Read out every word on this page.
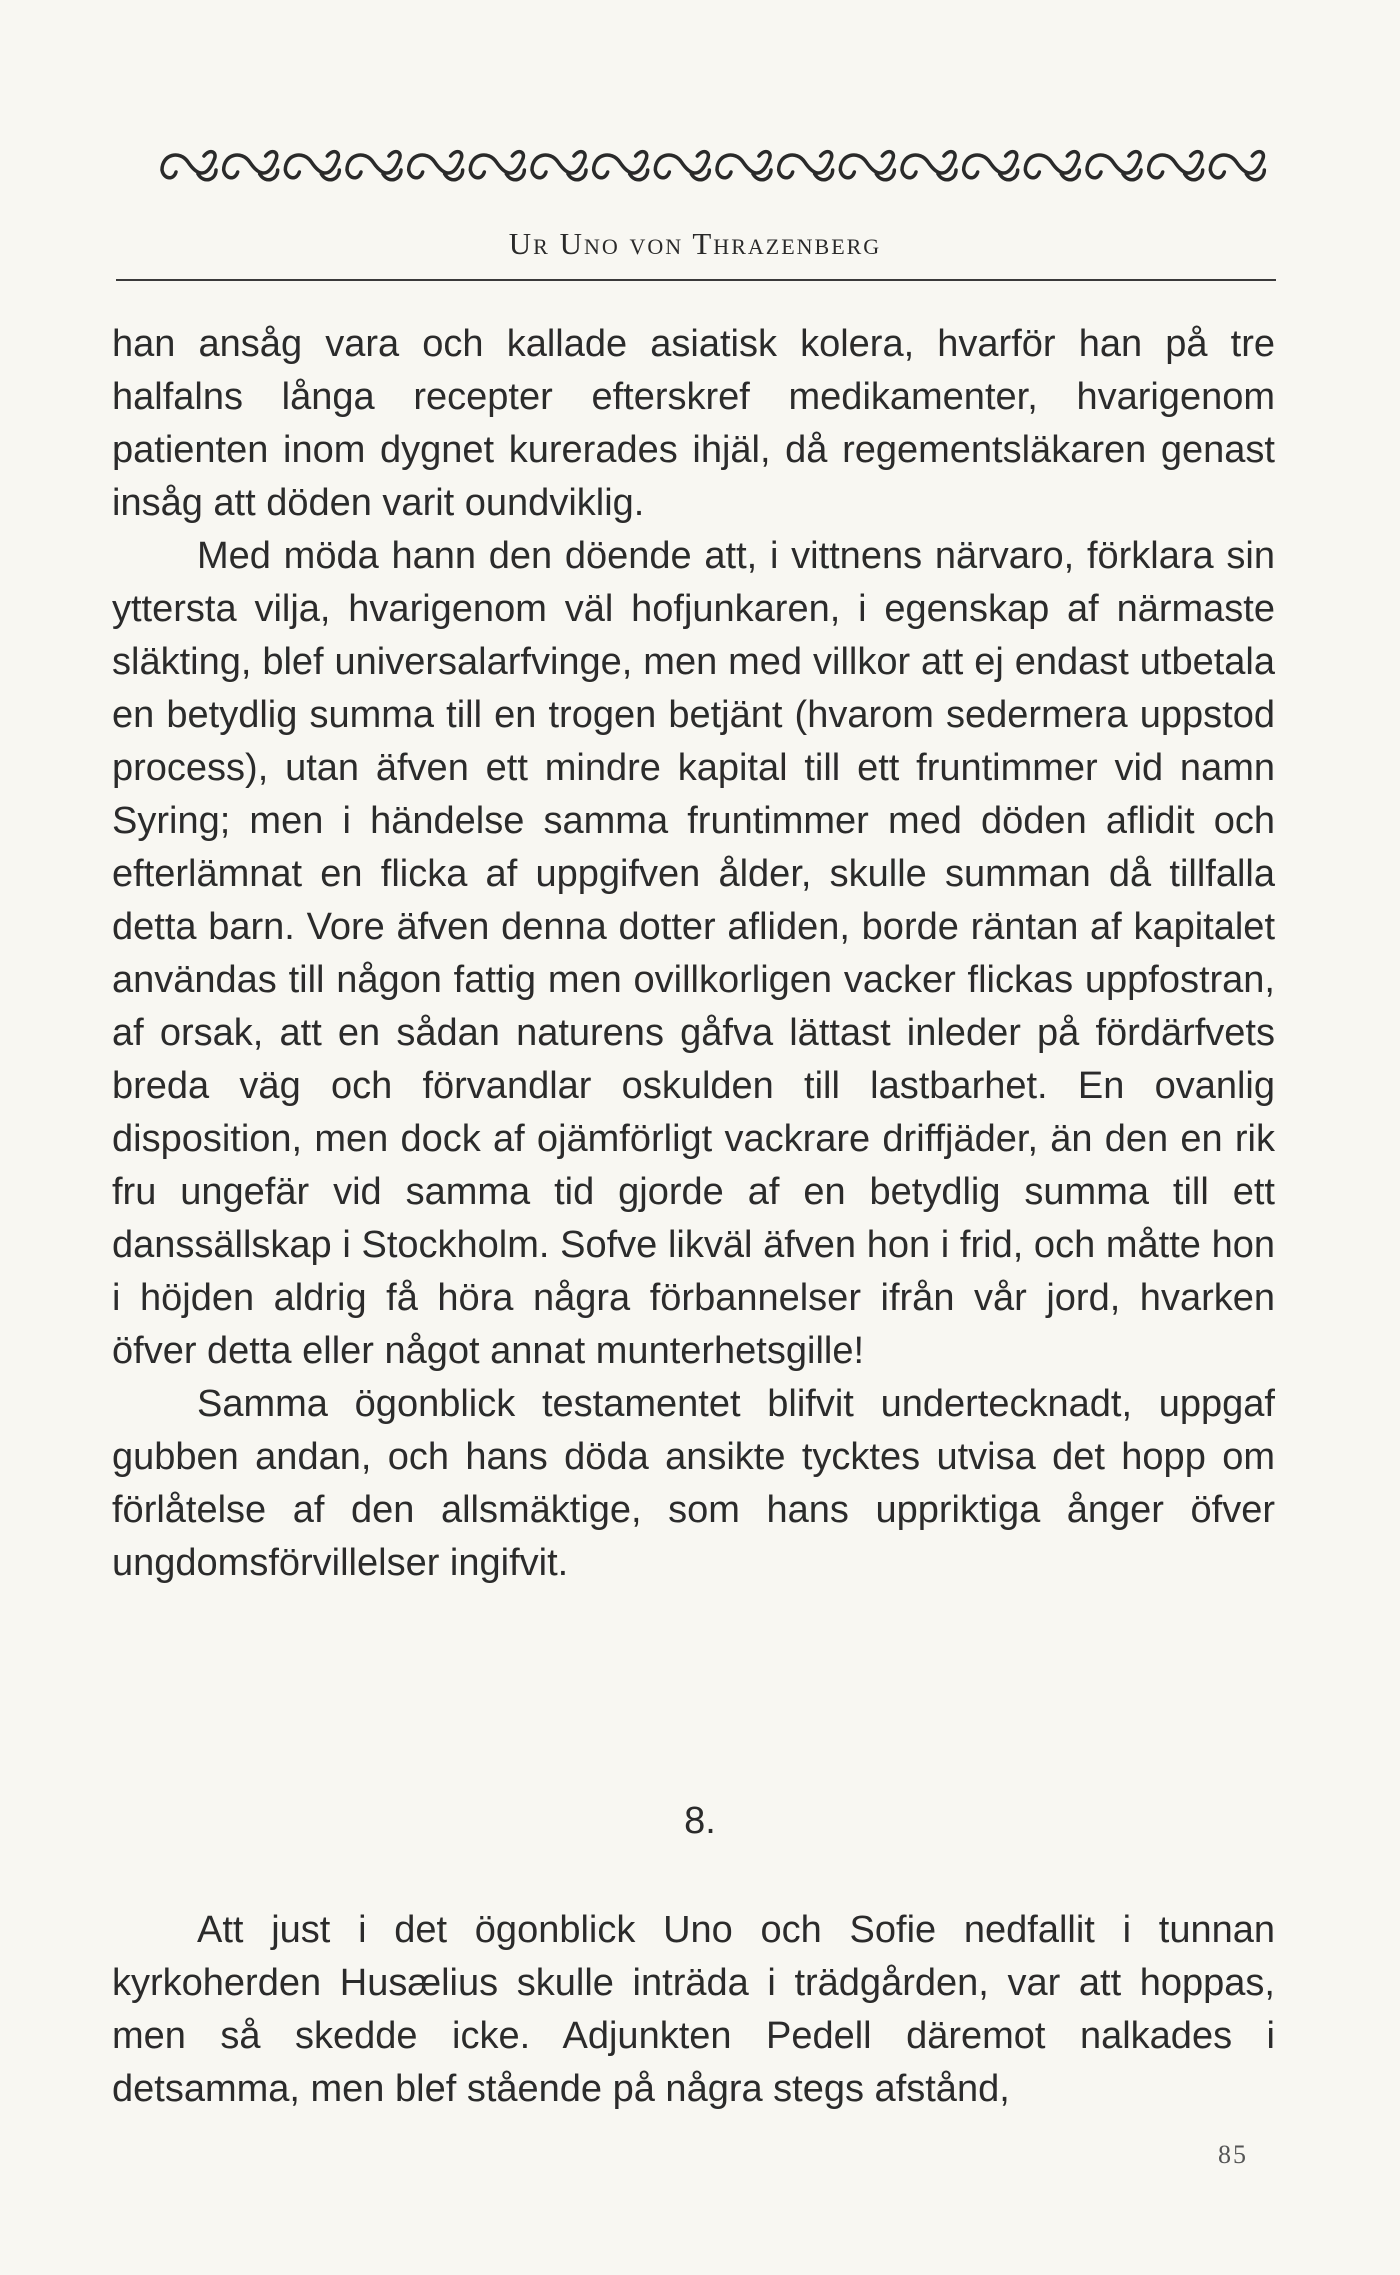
Ur Uno von Thrazenberg

han ansåg vara och kallade asiatisk kolera, hvarför han på tre halfalns långa recepter efterskref medikamenter, hvarigenom patienten inom dygnet kurerades ihjäl, då regementsläkaren genast insåg att döden varit oundviklig.

Med möda hann den döende att, i vittnens närvaro, förklara sin yttersta vilja, hvarigenom väl hofjunkaren, i egenskap af närmaste släkting, blef universalarfvinge, men med villkor att ej endast utbetala en betydlig summa till en trogen betjänt (hvarom sedermera uppstod process), utan äfven ett mindre kapital till ett fruntimmer vid namn Syring; men i händelse samma fruntimmer med döden aflidit och efterlämnat en flicka af uppgifven ålder, skulle summan då tillfalla detta barn. Vore äfven denna dotter afliden, borde räntan af kapitalet användas till någon fattig men ovillkorligen vacker flickas uppfostran, af orsak, att en sådan naturens gåfva lättast inleder på fördärfvets breda väg och förvandlar oskulden till lastbarhet. En ovanlig disposition, men dock af ojämförligt vackrare driffjäder, än den en rik fru ungefär vid samma tid gjorde af en betydlig summa till ett danssällskap i Stockholm. Sofve likväl äfven hon i frid, och måtte hon i höjden aldrig få höra några förbannelser ifrån vår jord, hvarken öfver detta eller något annat munterhetsgille!

Samma ögonblick testamentet blifvit undertecknadt, uppgaf gubben andan, och hans döda ansikte tycktes utvisa det hopp om förlåtelse af den allsmäktige, som hans uppriktiga ånger öfver ungdomsförvillelser ingifvit.

8.

Att just i det ögonblick Uno och Sofie nedfallit i tunnan kyrkoherden Husælius skulle inträda i trädgården, var att hoppas, men så skedde icke. Adjunkten Pedell däremot nalkades i detsamma, men blef stående på några stegs afstånd,

85
